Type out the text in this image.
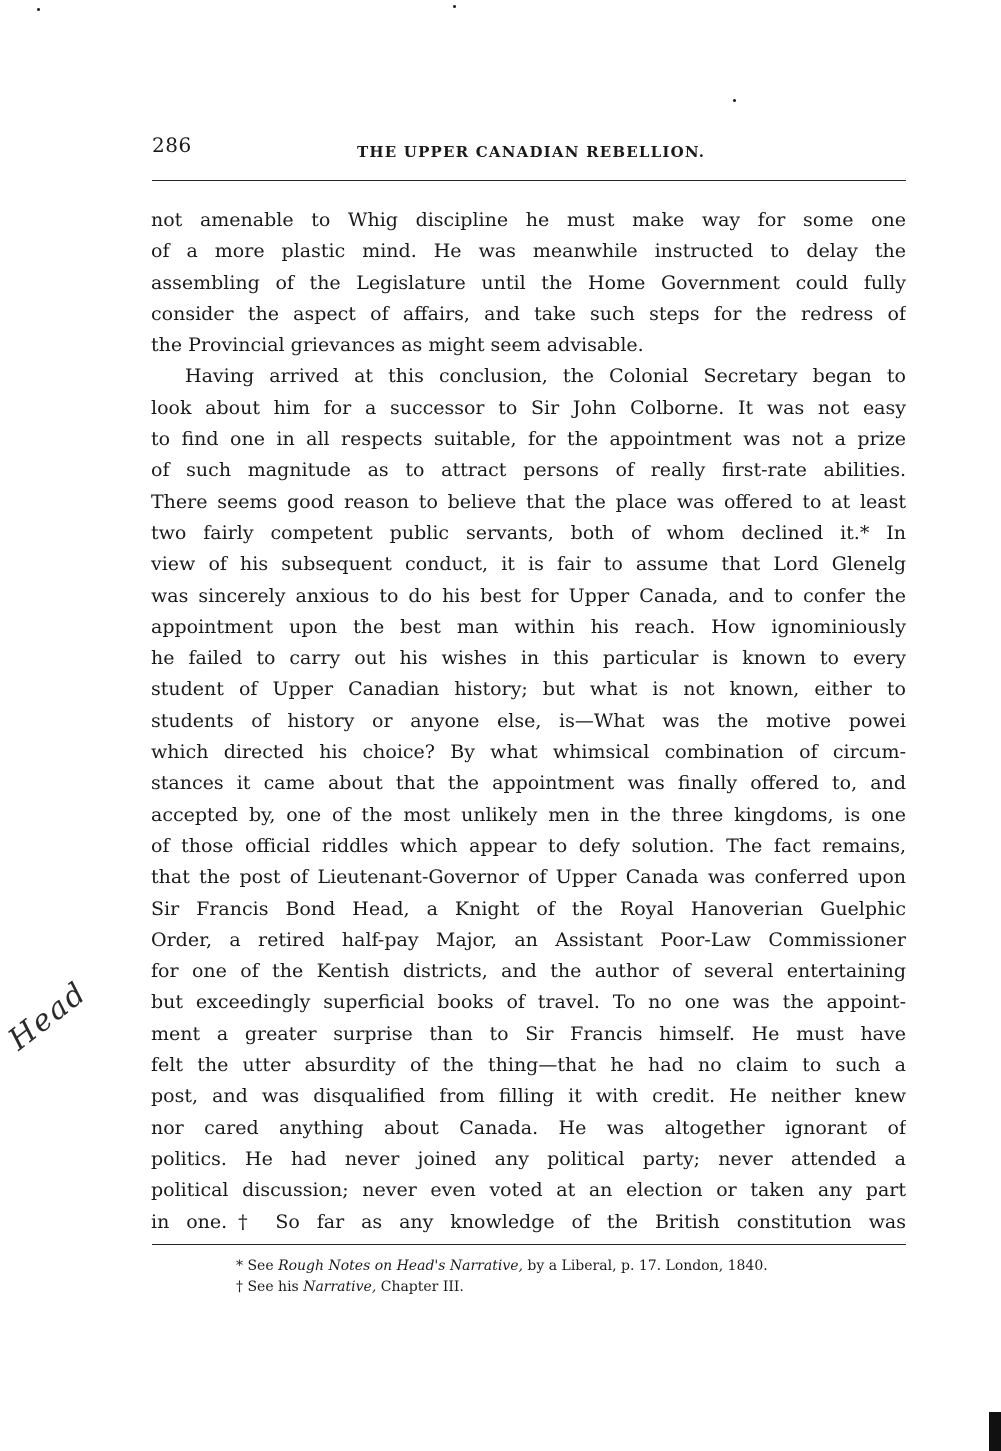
286	THE UPPER CANADIAN REBELLION.
not amenable to Whig discipline he must make way for some one
of a more plastic mind. He was meanwhile instructed to delay the
assembling of the Legislature until the Home Government could fully
consider the aspect of affairs, and take such steps for the redress of
the Provincial grievances as might seem advisable.
Having arrived at this conclusion, the Colonial Secretary began to
look about him for a successor to Sir John Colborne. It was not easy
to find one in all respects suitable, for the appointment was not a prize
of such magnitude as to attract persons of really first-rate abilities.
There seems good reason to believe that the place was offered to at least
two fairly competent public servants, both of whom declined it.* In
view of his subsequent conduct, it is fair to assume that Lord Glenelg
was sincerely anxious to do his best for Upper Canada, and to confer the
appointment upon the best man within his reach. How ignominiously
he failed to carry out his wishes in this particular is known to every
student of Upper Canadian history; but what is not known, either to
students of history or anyone else, is—What was the motive powei
which directed his choice? By what whimsical combination of circum-
stances it came about that the appointment was finally offered to, and
accepted by, one of the most unlikely men in the three kingdoms, is one
of those official riddles which appear to defy solution. The fact remains,
that the post of Lieutenant-Governor of Upper Canada was conferred upon
Sir Francis Bond Head, a Knight of the Royal Hanoverian Guelphic
Order, a retired half-pay Major, an Assistant Poor-Law Commissioner
for one of the Kentish districts, and the author of several entertaining
but exceedingly superficial books of travel. To no one was the appoint-
ment a greater surprise than to Sir Francis himself. He must have
felt the utter absurdity of the thing—that he had no claim to such a
post, and was disqualified from filling it with credit. He neither knew
nor cared anything about Canada. He was altogether ignorant of
politics. He had never joined any political party; never attended a
political discussion; never even voted at an election or taken any part
in one.† So far as any knowledge of the British constitution was
* See Rough Notes on Head's Narrative, by a Liberal, p. 17. London, 1840.
† See his Narrative, Chapter III.
Head
